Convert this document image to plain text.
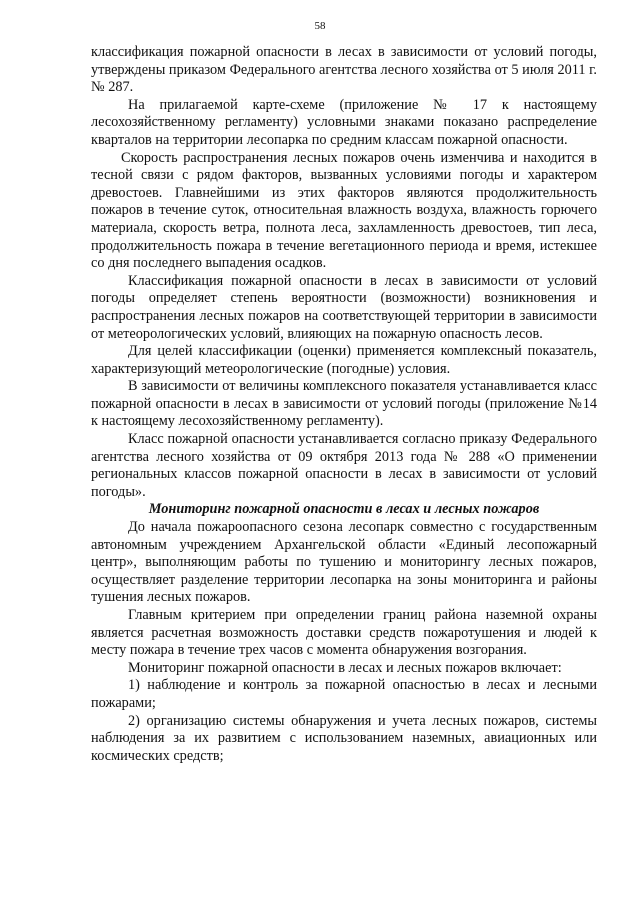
58

классификация пожарной опасности в лесах в зависимости от условий погоды, утверждены приказом Федерального агентства лесного хозяйства от 5 июля 2011 г. № 287.

На прилагаемой карте-схеме (приложение № 17 к настоящему лесохозяйственному регламенту) условными знаками показано распределение кварталов на территории лесопарка по средним классам пожарной опасности.

Скорость распространения лесных пожаров очень изменчива и находится в тесной связи с рядом факторов, вызванных условиями погоды и характером древостоев. Главнейшими из этих факторов являются продолжительность пожаров в течение суток, относительная влажность воздуха, влажность горючего материала, скорость ветра, полнота леса, захламленность древостоев, тип леса, продолжительность пожара в течение вегетационного периода и время, истекшее со дня последнего выпадения осадков.

Классификация пожарной опасности в лесах в зависимости от условий погоды определяет степень вероятности (возможности) возникновения и распространения лесных пожаров на соответствующей территории в зависимости от метеорологических условий, влияющих на пожарную опасность лесов.

Для целей классификации (оценки) применяется комплексный показатель, характеризующий метеорологические (погодные) условия.

В зависимости от величины комплексного показателя устанавливается класс пожарной опасности в лесах в зависимости от условий погоды (приложение №14 к настоящему лесохозяйственному регламенту).

Класс пожарной опасности устанавливается согласно приказу Федерального агентства лесного хозяйства от 09 октября 2013 года № 288 «О применении региональных классов пожарной опасности в лесах в зависимости от условий погоды».

Мониторинг пожарной опасности в лесах и лесных пожаров

До начала пожароопасного сезона лесопарк совместно с государственным автономным учреждением Архангельской области «Единый лесопожарный центр», выполняющим работы по тушению и мониторингу лесных пожаров, осуществляет разделение территории лесопарка на зоны мониторинга и районы тушения лесных пожаров.

Главным критерием при определении границ района наземной охраны является расчетная возможность доставки средств пожаротушения и людей к месту пожара в течение трех часов с момента обнаружения возгорания.

Мониторинг пожарной опасности в лесах и лесных пожаров включает:

1) наблюдение и контроль за пожарной опасностью в лесах и лесными пожарами;

2) организацию системы обнаружения и учета лесных пожаров, системы наблюдения за их развитием с использованием наземных, авиационных или космических средств;
